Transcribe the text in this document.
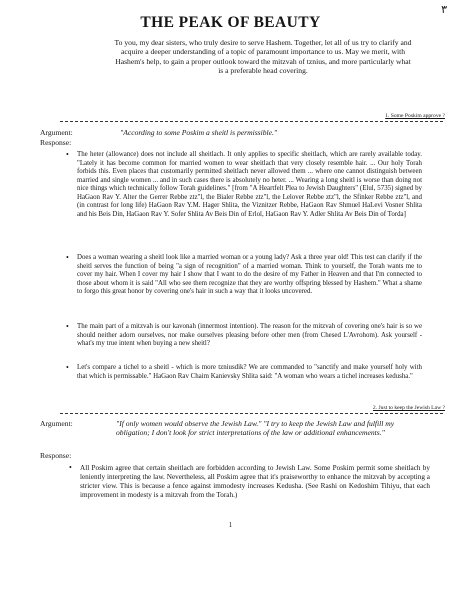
٣
THE PEAK OF BEAUTY
To you, my dear sisters, who truly desire to serve Hashem. Together, let all of us try to clarify and acquire a deeper understanding of a topic of paramount importance to us. May we merit, with Hashem's help, to gain a proper outlook toward the mitzvah of tznius, and more particularly what is a preferable head covering.
1. Some Poskim approve ?
Argument:	"According to some Poskim a sheitl is permissible."
Response:
• The heter (allowance) does not include all sheitlach. It only applies to specific sheitlach, which are rarely available today. "Lately it has become common for married women to wear sheitlach that very closely resemble hair. ... Our holy Torah forbids this. Even places that customarily permitted sheitlach never allowed them ... where one cannot distinguish between married and single women ... and in such cases there is absolutely no heter. ... Wearing a long sheitl is worse than doing not nice things which technically follow Torah guidelines." [from "A Heartfelt Plea to Jewish Daughters" (Elul, 5735) signed by HaGaon Rav Y. Alter the Gerrer Rebbe ztz"l, the Bialer Rebbe ztz"l, the Lelover Rebbe ztz"l, the Sfinker Rebbe ztz"l, and (in contrast for long life) HaGaon Rav Y.M. Hager Shlita, the Viznitzer Rebbe, HaGaon Rav Shmuel HaLevi Vosner Shlita and his Beis Din, HaGaon Rav Y. Sofer Shlita Av Beis Din of Erlol, HaGaon Rav Y. Adler Shlita Av Beis Din of Torda]
• Does a woman wearing a sheitl look like a married woman or a young lady? Ask a three year old! This test can clarify if the sheitl serves the function of being "a sign of recognition" of a married woman. Think to yourself, the Torah wants me to cover my hair. When I cover my hair I show that I want to do the desire of my Father in Heaven and that I'm connected to those about whom it is said "All who see them recognize that they are worthy offspring blessed by Hashem." What a shame to forgo this great honor by covering one's hair in such a way that it looks uncovered.
• The main part of a mitzvah is our kavonah (innermost intention). The reason for the mitzvah of covering one's hair is so we should neither adorn ourselves, nor make ourselves pleasing before other men (from Chesed L'Avrohom). Ask yourself - what's my true intent when buying a new sheitl?
• Let's compare a tichel to a sheitl - which is more tzniusdik? We are commanded to "sanctify and make yourself holy with that which is permissable." HaGaon Rav Chaim Kanievsky Shlita said: "A woman who wears a tichel increases kedusha."
2. Just to keep the Jewish Law ?
Argument:	"If only women would observe the Jewish Law." "I try to keep the Jewish Law and fulfill my obligation; I don't look for strict interpretations of the law or additional enhancements."
Response:
• All Poskim agree that certain sheitlach are forbidden according to Jewish Law. Some Poskim permit some sheitlach by leniently interpreting the law. Nevertheless, all Poskim agree that it's praiseworthy to enhance the mitzvah by accepting a stricter view. This is because a fence against immodesty increases Kedusha. (See Rashi on Kedoshim Tihiyu, that each improvement in modesty is a mitzvah from the Torah.)
1
